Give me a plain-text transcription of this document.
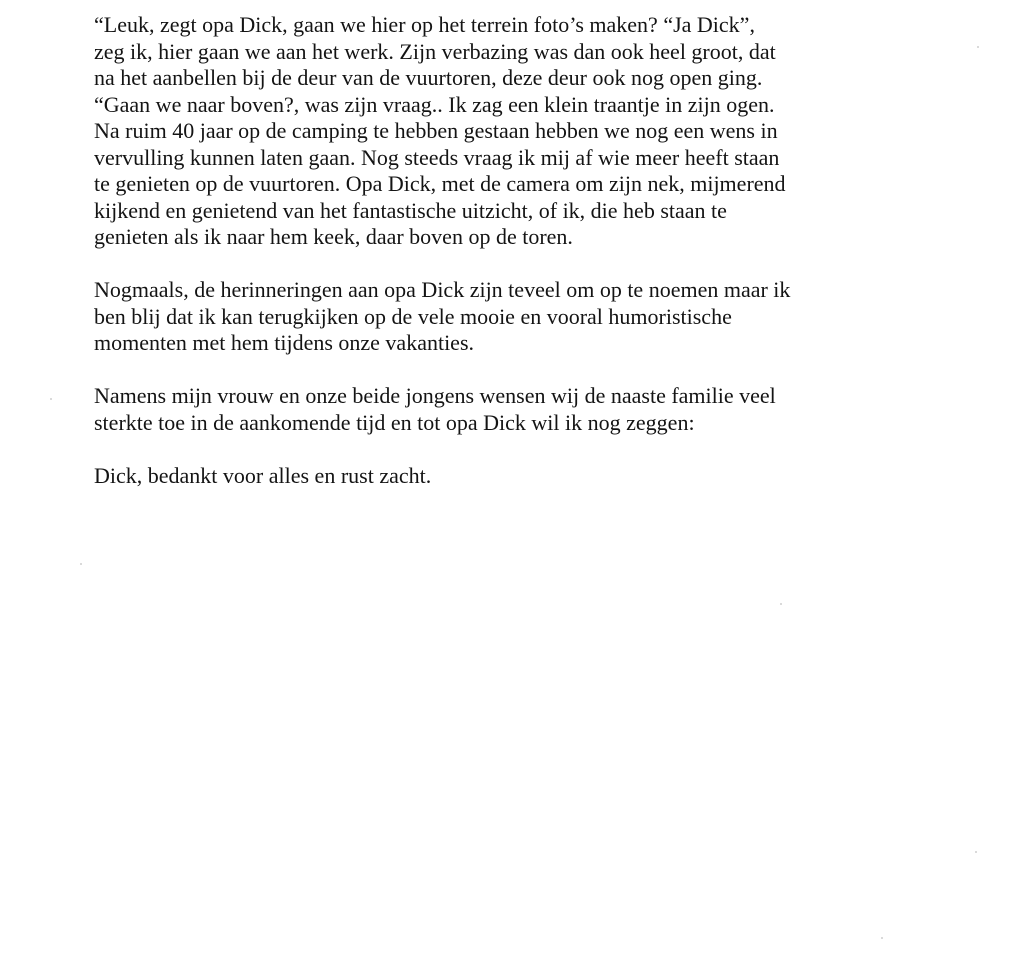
“Leuk, zegt opa Dick, gaan we hier op het terrein foto’s maken? “Ja Dick”,
zeg ik, hier gaan we aan het werk. Zijn verbazing was dan ook heel groot, dat
na het aanbellen bij de deur van de vuurtoren, deze deur ook nog open ging.
“Gaan we naar boven?, was zijn vraag.. Ik zag een klein traantje in zijn ogen.
Na ruim 40 jaar op de camping te hebben gestaan hebben we nog een wens in
vervulling kunnen laten gaan. Nog steeds vraag ik mij af wie meer heeft staan
te genieten op de vuurtoren. Opa Dick, met de camera om zijn nek, mijmerend
kijkend en genietend van het fantastische uitzicht, of ik, die heb staan te
genieten als ik naar hem keek, daar boven op de toren.

Nogmaals, de herinneringen aan opa Dick zijn teveel om op te noemen maar ik
ben blij dat ik kan terugkijken op de vele mooie en vooral humoristische
momenten met hem tijdens onze vakanties.

Namens mijn vrouw en onze beide jongens wensen wij de naaste familie veel
sterkte toe in de aankomende tijd en tot opa Dick wil ik nog zeggen:

Dick, bedankt voor alles en rust zacht.
